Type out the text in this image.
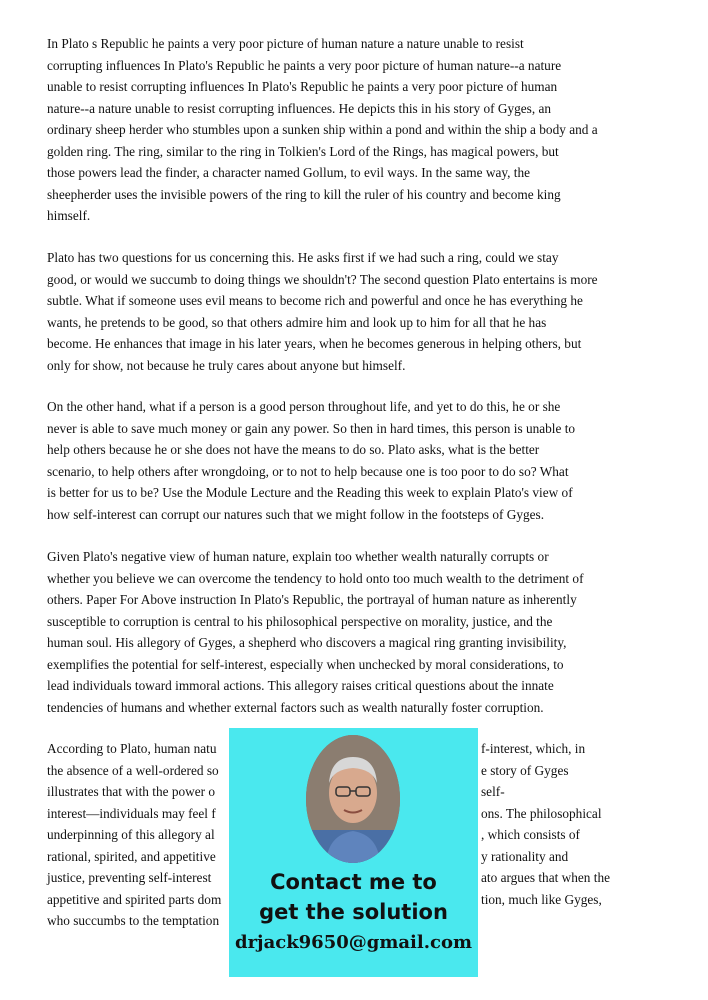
In Plato s Republic he paints a very poor picture of human nature a nature unable to resist
corrupting influences In Plato's Republic he paints a very poor picture of human nature--a nature
unable to resist corrupting influences In Plato's Republic he paints a very poor picture of human
nature--a nature unable to resist corrupting influences. He depicts this in his story of Gyges, an
ordinary sheep herder who stumbles upon a sunken ship within a pond and within the ship a body and a
golden ring. The ring, similar to the ring in Tolkien's Lord of the Rings, has magical powers, but
those powers lead the finder, a character named Gollum, to evil ways. In the same way, the
sheepherder uses the invisible powers of the ring to kill the ruler of his country and become king
himself.
Plato has two questions for us concerning this. He asks first if we had such a ring, could we stay
good, or would we succumb to doing things we shouldn't? The second question Plato entertains is more
subtle. What if someone uses evil means to become rich and powerful and once he has everything he
wants, he pretends to be good, so that others admire him and look up to him for all that he has
become. He enhances that image in his later years, when he becomes generous in helping others, but
only for show, not because he truly cares about anyone but himself.
On the other hand, what if a person is a good person throughout life, and yet to do this, he or she
never is able to save much money or gain any power. So then in hard times, this person is unable to
help others because he or she does not have the means to do so. Plato asks, what is the better
scenario, to help others after wrongdoing, or to not to help because one is too poor to do so? What
is better for us to be? Use the Module Lecture and the Reading this week to explain Plato's view of
how self-interest can corrupt our natures such that we might follow in the footsteps of Gyges.
Given Plato's negative view of human nature, explain too whether wealth naturally corrupts or
whether you believe we can overcome the tendency to hold onto too much wealth to the detriment of
others. Paper For Above instruction In Plato's Republic, the portrayal of human nature as inherently
susceptible to corruption is central to his philosophical perspective on morality, justice, and the
human soul. His allegory of Gyges, a shepherd who discovers a magical ring granting invisibility,
exemplifies the potential for self-interest, especially when unchecked by moral considerations, to
lead individuals toward immoral actions. This allegory raises critical questions about the innate
tendencies of humans and whether external factors such as wealth naturally foster corruption.
According to Plato, human natu	f-interest, which, in
the absence of a well-ordered so	e story of Gyges
illustrates that with the power o	self-
interest—individuals may feel f	ons. The philosophical
underpinning of this allegory al	, which consists of
rational, spirited, and appetitive	y rationality and
justice, preventing self-interest	ato argues that when the
appetitive and spirited parts dom	tion, much like Gyges,
who succumbs to the temptation
Contact me to
get the solution
drjack9650@gmail.com
